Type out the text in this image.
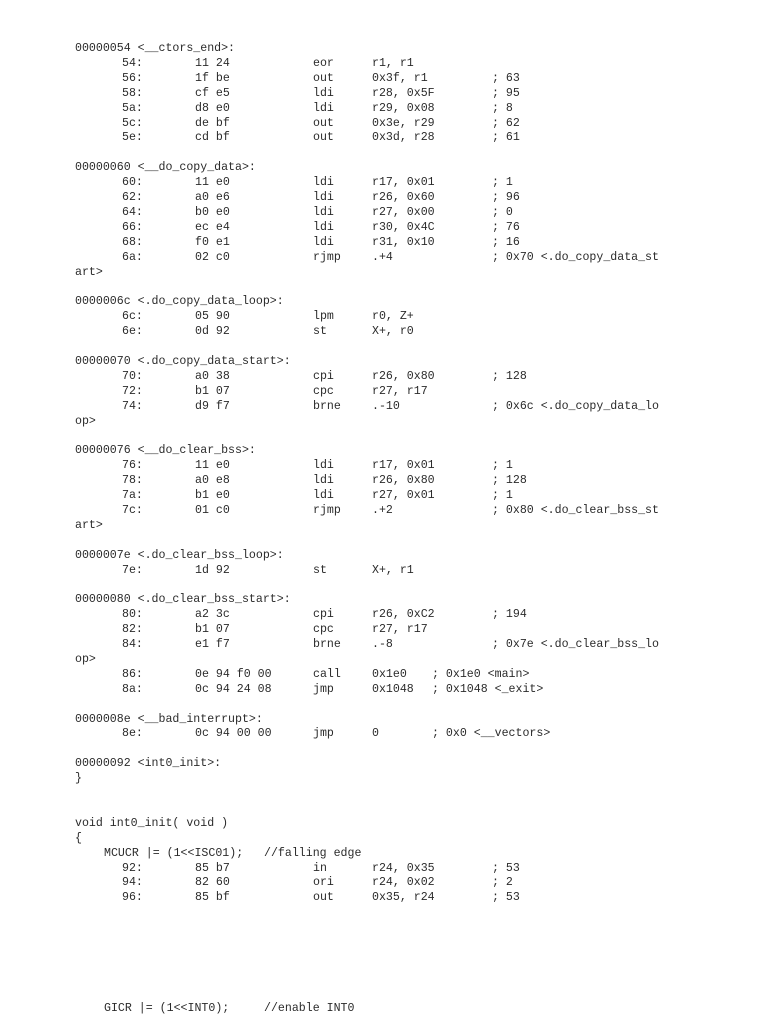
00000054 <__ctors_end>:
54:	11 24	eor	r1, r1
56:	1f be	out	0x3f, r1	; 63
58:	cf e5	ldi	r28, 0x5F	; 95
5a:	d8 e0	ldi	r29, 0x08	; 8
5c:	de bf	out	0x3e, r29	; 62
5e:	cd bf	out	0x3d, r28	; 61
00000060 <__do_copy_data>:
60:	11 e0	ldi	r17, 0x01	; 1
62:	a0 e6	ldi	r26, 0x60	; 96
64:	b0 e0	ldi	r27, 0x00	; 0
66:	ec e4	ldi	r30, 0x4C	; 76
68:	f0 e1	ldi	r31, 0x10	; 16
6a:	02 c0	rjmp	.+4	; 0x70 <.do_copy_data_st
art>
0000006c <.do_copy_data_loop>:
6c:	05 90	lpm	r0, Z+
6e:	0d 92	st	X+, r0
00000070 <.do_copy_data_start>:
70:	a0 38	cpi	r26, 0x80	; 128
72:	b1 07	cpc	r27, r17
74:	d9 f7	brne	.-10	; 0x6c <.do_copy_data_lo
op>
00000076 <__do_clear_bss>:
76:	11 e0	ldi	r17, 0x01	; 1
78:	a0 e8	ldi	r26, 0x80	; 128
7a:	b1 e0	ldi	r27, 0x01	; 1
7c:	01 c0	rjmp	.+2	; 0x80 <.do_clear_bss_st
art>
0000007e <.do_clear_bss_loop>:
7e:	1d 92	st	X+, r1
00000080 <.do_clear_bss_start>:
80:	a2 3c	cpi	r26, 0xC2	; 194
82:	b1 07	cpc	r27, r17
84:	e1 f7	brne	.-8	; 0x7e <.do_clear_bss_lo
op>
86:	0e 94 f0 00	call	0x1e0 ; 0x1e0 <main>
8a:	0c 94 24 08	jmp	0x1048 ; 0x1048 <_exit>
0000008e <__bad_interrupt>:
8e:	0c 94 00 00	jmp	0	; 0x0 <__vectors>
00000092 <int0_init>:
}
void int0_init( void )
{
MCUCR |= (1<<ISC01);   //falling edge
92:	85 b7	in	r24, 0x35	; 53
94:	82 60	ori	r24, 0x02	; 2
96:	85 bf	out	0x35, r24	; 53
GICR |= (1<<INT0);     //enable INT0
